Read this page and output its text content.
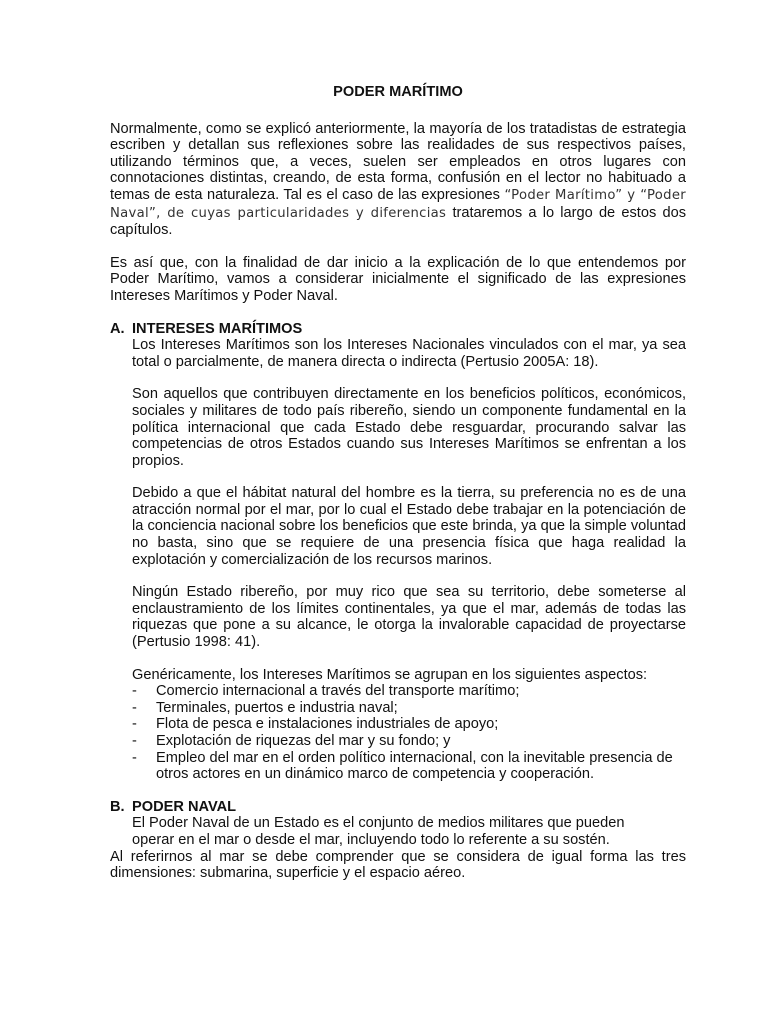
PODER MARÍTIMO

Normalmente, como se explicó anteriormente, la mayoría de los tratadistas de estrategia escriben y detallan sus reflexiones sobre las realidades de sus respectivos países, utilizando términos que, a veces, suelen ser empleados en otros lugares con connotaciones distintas, creando, de esta forma, confusión en el lector no habituado a temas de esta naturaleza. Tal es el caso de las expresiones “Poder Marítimo” y “Poder Naval”, de cuyas particularidades y diferencias trataremos a lo largo de estos dos capítulos.

Es así que, con la finalidad de dar inicio a la explicación de lo que entendemos por Poder Marítimo, vamos a considerar inicialmente el significado de las expresiones Intereses Marítimos y Poder Naval.

A. INTERESES MARÍTIMOS

Los Intereses Marítimos son los Intereses Nacionales vinculados con el mar, ya sea total o parcialmente, de manera directa o indirecta (Pertusio 2005A: 18).

Son aquellos que contribuyen directamente en los beneficios políticos, económicos, sociales y militares de todo país ribereño, siendo un componente fundamental en la política internacional que cada Estado debe resguardar, procurando salvar las competencias de otros Estados cuando sus Intereses Marítimos se enfrentan a los propios.

Debido a que el hábitat natural del hombre es la tierra, su preferencia no es de una atracción normal por el mar, por lo cual el Estado debe trabajar en la potenciación de la conciencia nacional sobre los beneficios que este brinda, ya que la simple voluntad no basta, sino que se requiere de una presencia física que haga realidad la explotación y comercialización de los recursos marinos.

Ningún Estado ribereño, por muy rico que sea su territorio, debe someterse al enclaustramiento de los límites continentales, ya que el mar, además de todas las riquezas que pone a su alcance, le otorga la invalorable capacidad de proyectarse (Pertusio 1998: 41).

Genéricamente, los Intereses Marítimos se agrupan en los siguientes aspectos:

-	Comercio internacional a través del transporte marítimo;
-	Terminales, puertos e industria naval;
-	Flota de pesca e instalaciones industriales de apoyo;
-	Explotación de riquezas del mar y su fondo; y
-	Empleo del mar en el orden político internacional, con la inevitable presencia de otros actores en un dinámico marco de competencia y cooperación.
B. PODER NAVAL

El Poder Naval de un Estado es el conjunto de medios militares que pueden

operar en el mar o desde el mar, incluyendo todo lo referente a su sostén.

Al referirnos al mar se debe comprender que se considera de igual forma las tres dimensiones: submarina, superficie y el espacio aéreo.
